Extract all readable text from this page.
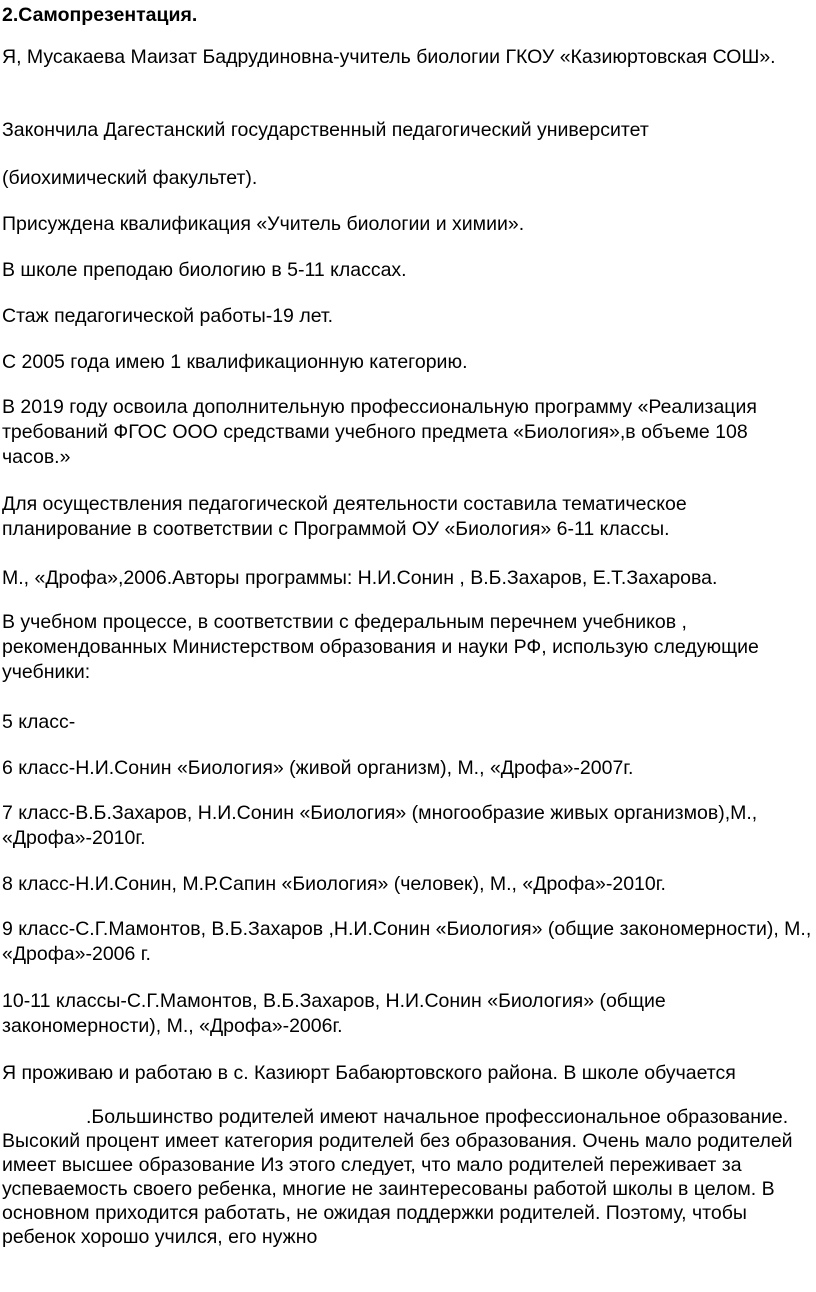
2.Самопрезентация.

Я, Мусакаева Маизат Бадрудиновна-учитель биологии ГКОУ «Казиюртовская СОШ».

Закончила Дагестанский государственный педагогический университет

(биохимический факультет).

Присуждена квалификация «Учитель биологии и химии».

В школе преподаю биологию в 5-11 классах.

Стаж педагогической работы-19 лет.

С 2005 года имею 1 квалификационную категорию.

В 2019 году освоила дополнительную профессиональную программу «Реализация требований ФГОС ООО средствами учебного предмета «Биология»,в объеме 108 часов.»

Для осуществления педагогической деятельности составила тематическое планирование в соответствии с Программой ОУ «Биология» 6-11 классы.

М., «Дрофа»,2006.Авторы программы: Н.И.Сонин , В.Б.Захаров, Е.Т.Захарова.

В учебном процессе, в соответствии с федеральным перечнем учебников , рекомендованных Министерством образования и науки РФ, использую следующие учебники:

5 класс-

6 класс-Н.И.Сонин «Биология» (живой организм), М., «Дрофа»-2007г.

7 класс-В.Б.Захаров, Н.И.Сонин «Биология» (многообразие живых организмов),М., «Дрофа»-2010г.

8 класс-Н.И.Сонин, М.Р.Сапин «Биология» (человек), М., «Дрофа»-2010г.

9 класс-С.Г.Мамонтов, В.Б.Захаров ,Н.И.Сонин «Биология» (общие закономерности), М., «Дрофа»-2006 г.

10-11 классы-С.Г.Мамонтов, В.Б.Захаров, Н.И.Сонин «Биология» (общие закономерности), М., «Дрофа»-2006г.

Я проживаю и работаю в с. Казиюрт Бабаюртовского района. В школе обучается

.Большинство родителей имеют начальное профессиональное образование. Высокий процент имеет категория родителей без образования. Очень мало родителей имеет высшее образование Из этого следует, что мало родителей переживает за успеваемость своего ребенка, многие не заинтересованы работой школы в целом. В основном приходится работать, не ожидая поддержки родителей. Поэтому, чтобы ребенок хорошо учился, его нужно
